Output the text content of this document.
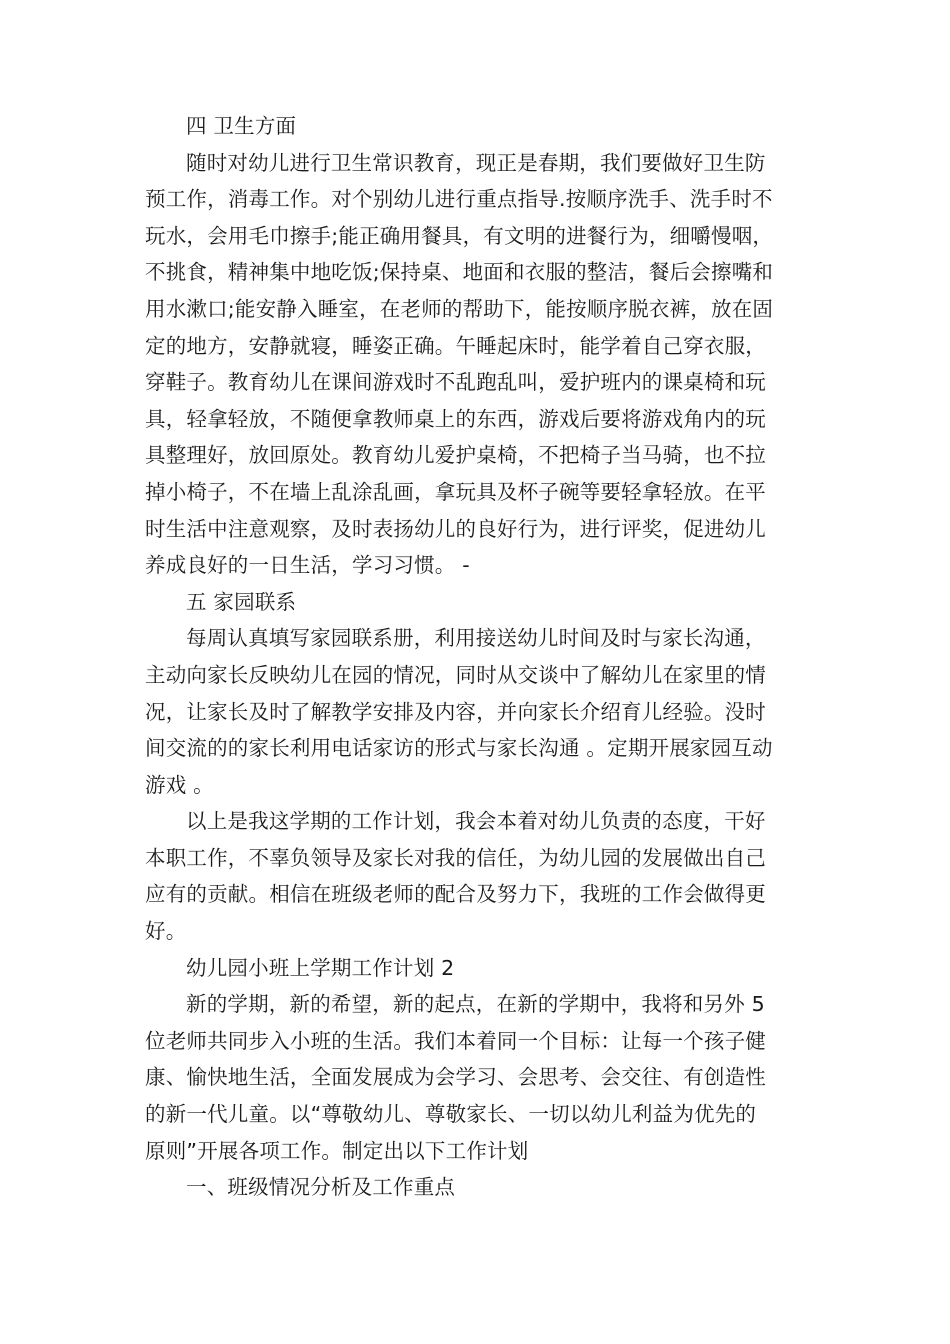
四 卫生方面
随时对幼儿进行卫生常识教育，现正是春期，我们要做好卫生防
预工作，消毒工作。对个别幼儿进行重点指导.按顺序洗手、洗手时不
玩水，会用毛巾擦手;能正确用餐具，有文明的进餐行为，细嚼慢咽，
不挑食，精神集中地吃饭;保持桌、地面和衣服的整洁，餐后会擦嘴和
用水漱口;能安静入睡室，在老师的帮助下，能按顺序脱衣裤，放在固
定的地方，安静就寝，睡姿正确。午睡起床时，能学着自己穿衣服，
穿鞋子。教育幼儿在课间游戏时不乱跑乱叫，爱护班内的课桌椅和玩
具，轻拿轻放，不随便拿教师桌上的东西，游戏后要将游戏角内的玩
具整理好，放回原处。教育幼儿爱护桌椅，不把椅子当马骑，也不拉
掉小椅子，不在墙上乱涂乱画，拿玩具及杯子碗等要轻拿轻放。在平
时生活中注意观察，及时表扬幼儿的良好行为，进行评奖，促进幼儿
养成良好的一日生活，学习习惯。 -
五 家园联系
每周认真填写家园联系册，利用接送幼儿时间及时与家长沟通，
主动向家长反映幼儿在园的情况，同时从交谈中了解幼儿在家里的情
况，让家长及时了解教学安排及内容，并向家长介绍育儿经验。没时
间交流的的家长利用电话家访的形式与家长沟通 。定期开展家园互动
游戏 。
以上是我这学期的工作计划，我会本着对幼儿负责的态度，干好
本职工作，不辜负领导及家长对我的信任，为幼儿园的发展做出自己
应有的贡献。相信在班级老师的配合及努力下，我班的工作会做得更
好。
幼儿园小班上学期工作计划 2
新的学期，新的希望，新的起点，在新的学期中，我将和另外 5
位老师共同步入小班的生活。我们本着同一个目标：让每一个孩子健
康、愉快地生活，全面发展成为会学习、会思考、会交往、有创造性
的新一代儿童。以“尊敬幼儿、尊敬家长、一切以幼儿利益为优先的
原则”开展各项工作。制定出以下工作计划
一、班级情况分析及工作重点
